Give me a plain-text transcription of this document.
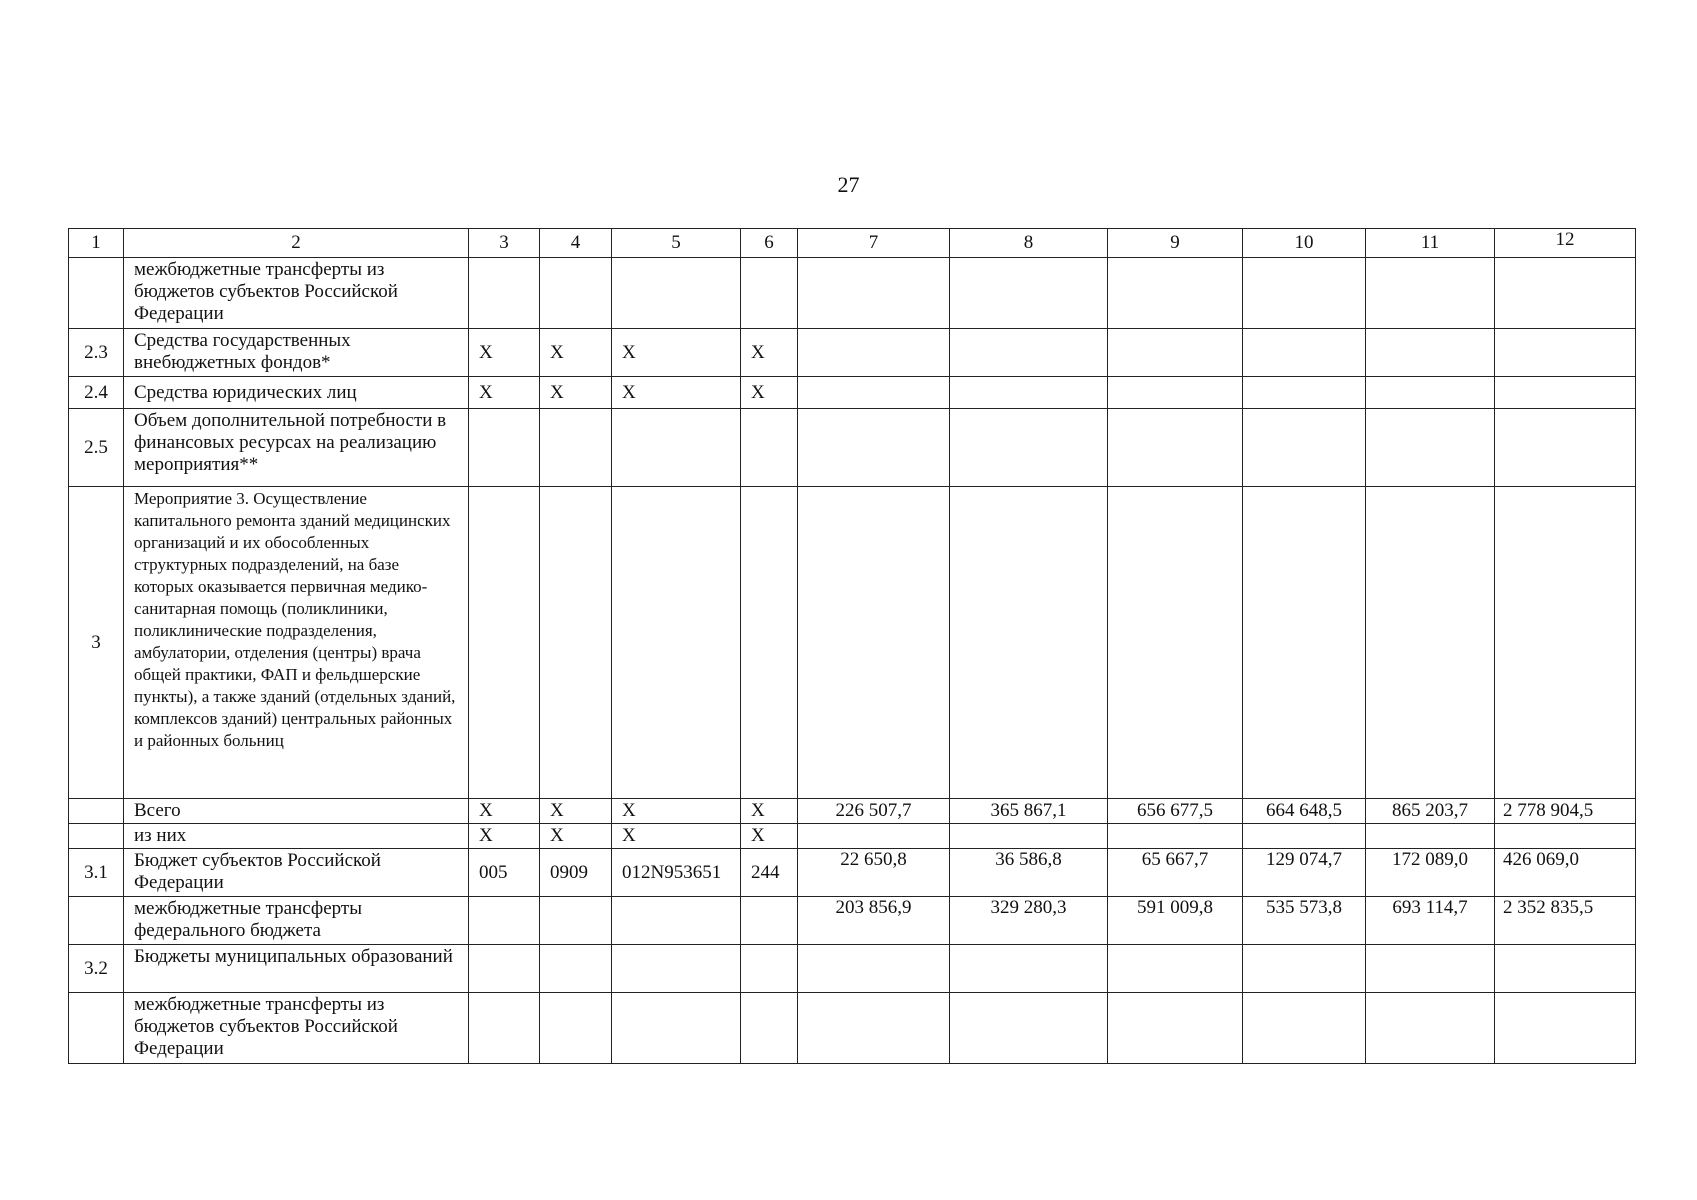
27
1	2	3	4	5	6	7	8	9	10	11	12
	межбюджетные трансферты из бюджетов субъектов Российской Федерации										
2.3	Средства государственных внебюджетных фондов*	X	X	X	X						
2.4	Средства юридических лиц	X	X	X	X						
2.5	Объем дополнительной потребности в финансовых ресурсах на реализацию мероприятия**										
3	Мероприятие 3. Осуществление капитального ремонта зданий медицинских организаций и их обособленных структурных подразделений, на базе которых оказывается первичная медико-санитарная помощь (поликлиники, поликлинические подразделения, амбулатории, отделения (центры) врача общей практики, ФАП и фельдшерские пункты), а также зданий (отдельных зданий, комплексов зданий) центральных районных и районных больниц										
	Всего	X	X	X	X	226 507,7	365 867,1	656 677,5	664 648,5	865 203,7	2 778 904,5
	из них	X	X	X	X						
3.1	Бюджет субъектов Российской Федерации	005	0909	012N953651	244	22 650,8	36 586,8	65 667,7	129 074,7	172 089,0	426 069,0
	межбюджетные трансферты федерального бюджета					203 856,9	329 280,3	591 009,8	535 573,8	693 114,7	2 352 835,5
3.2	Бюджеты муниципальных образований										
	межбюджетные трансферты из бюджетов субъектов Российской Федерации										
